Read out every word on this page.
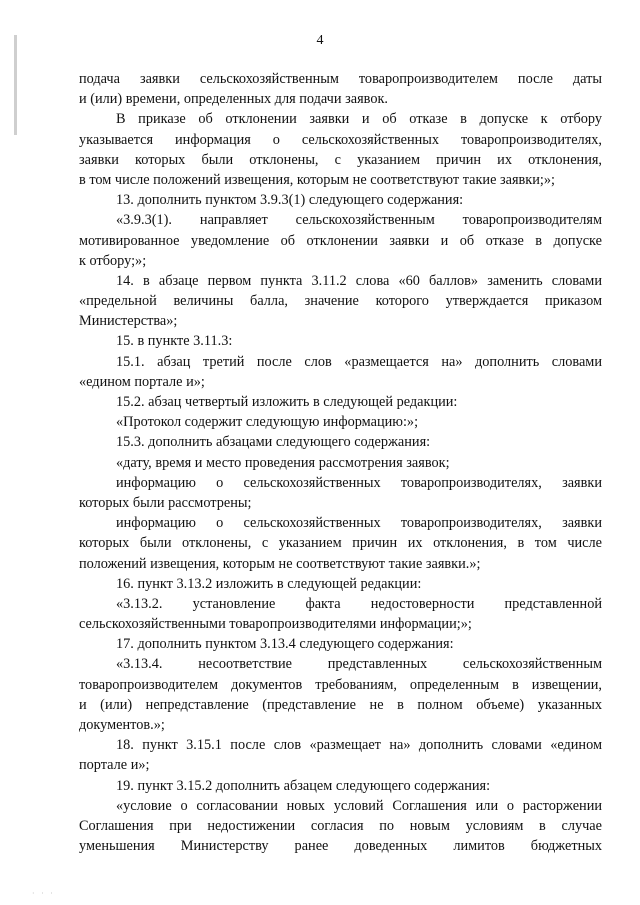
4
подача заявки сельскохозяйственным товаропроизводителем после даты
и (или) времени, определенных для подачи заявок.
В приказе об отклонении заявки и об отказе в допуске к отбору
указывается информация о сельскохозяйственных товаропроизводителях,
заявки которых были отклонены, с указанием причин их отклонения,
в том числе положений извещения, которым не соответствуют такие заявки;»;
13. дополнить пунктом 3.9.3(1) следующего содержания:
«3.9.3(1). направляет сельскохозяйственным товаропроизводителям
мотивированное уведомление об отклонении заявки и об отказе в допуске
к отбору;»;
14. в абзаце первом пункта 3.11.2 слова «60 баллов» заменить словами
«предельной величины балла, значение которого утверждается приказом
Министерства»;
15. в пункте 3.11.3:
15.1. абзац третий после слов «размещается на» дополнить словами
«едином портале и»;
15.2. абзац четвертый изложить в следующей редакции:
«Протокол содержит следующую информацию:»;
15.3. дополнить абзацами следующего содержания:
«дату, время и место проведения рассмотрения заявок;
информацию о сельскохозяйственных товаропроизводителях, заявки
которых были рассмотрены;
информацию о сельскохозяйственных товаропроизводителях, заявки
которых были отклонены, с указанием причин их отклонения, в том числе
положений извещения, которым не соответствуют такие заявки.»;
16. пункт 3.13.2 изложить в следующей редакции:
«3.13.2. установление факта недостоверности представленной
сельскохозяйственными товаропроизводителями информации;»;
17. дополнить пунктом 3.13.4 следующего содержания:
«3.13.4. несоответствие представленных сельскохозяйственным
товаропроизводителем документов требованиям, определенным в извещении,
и (или) непредставление (представление не в полном объеме) указанных
документов.»;
18. пункт 3.15.1 после слов «размещает на» дополнить словами «едином
портале и»;
19. пункт 3.15.2 дополнить абзацем следующего содержания:
«условие о согласовании новых условий Соглашения или о расторжении
Соглашения при недостижении согласия по новым условиям в случае
уменьшения Министерству ранее доведенных лимитов бюджетных
· · ·
